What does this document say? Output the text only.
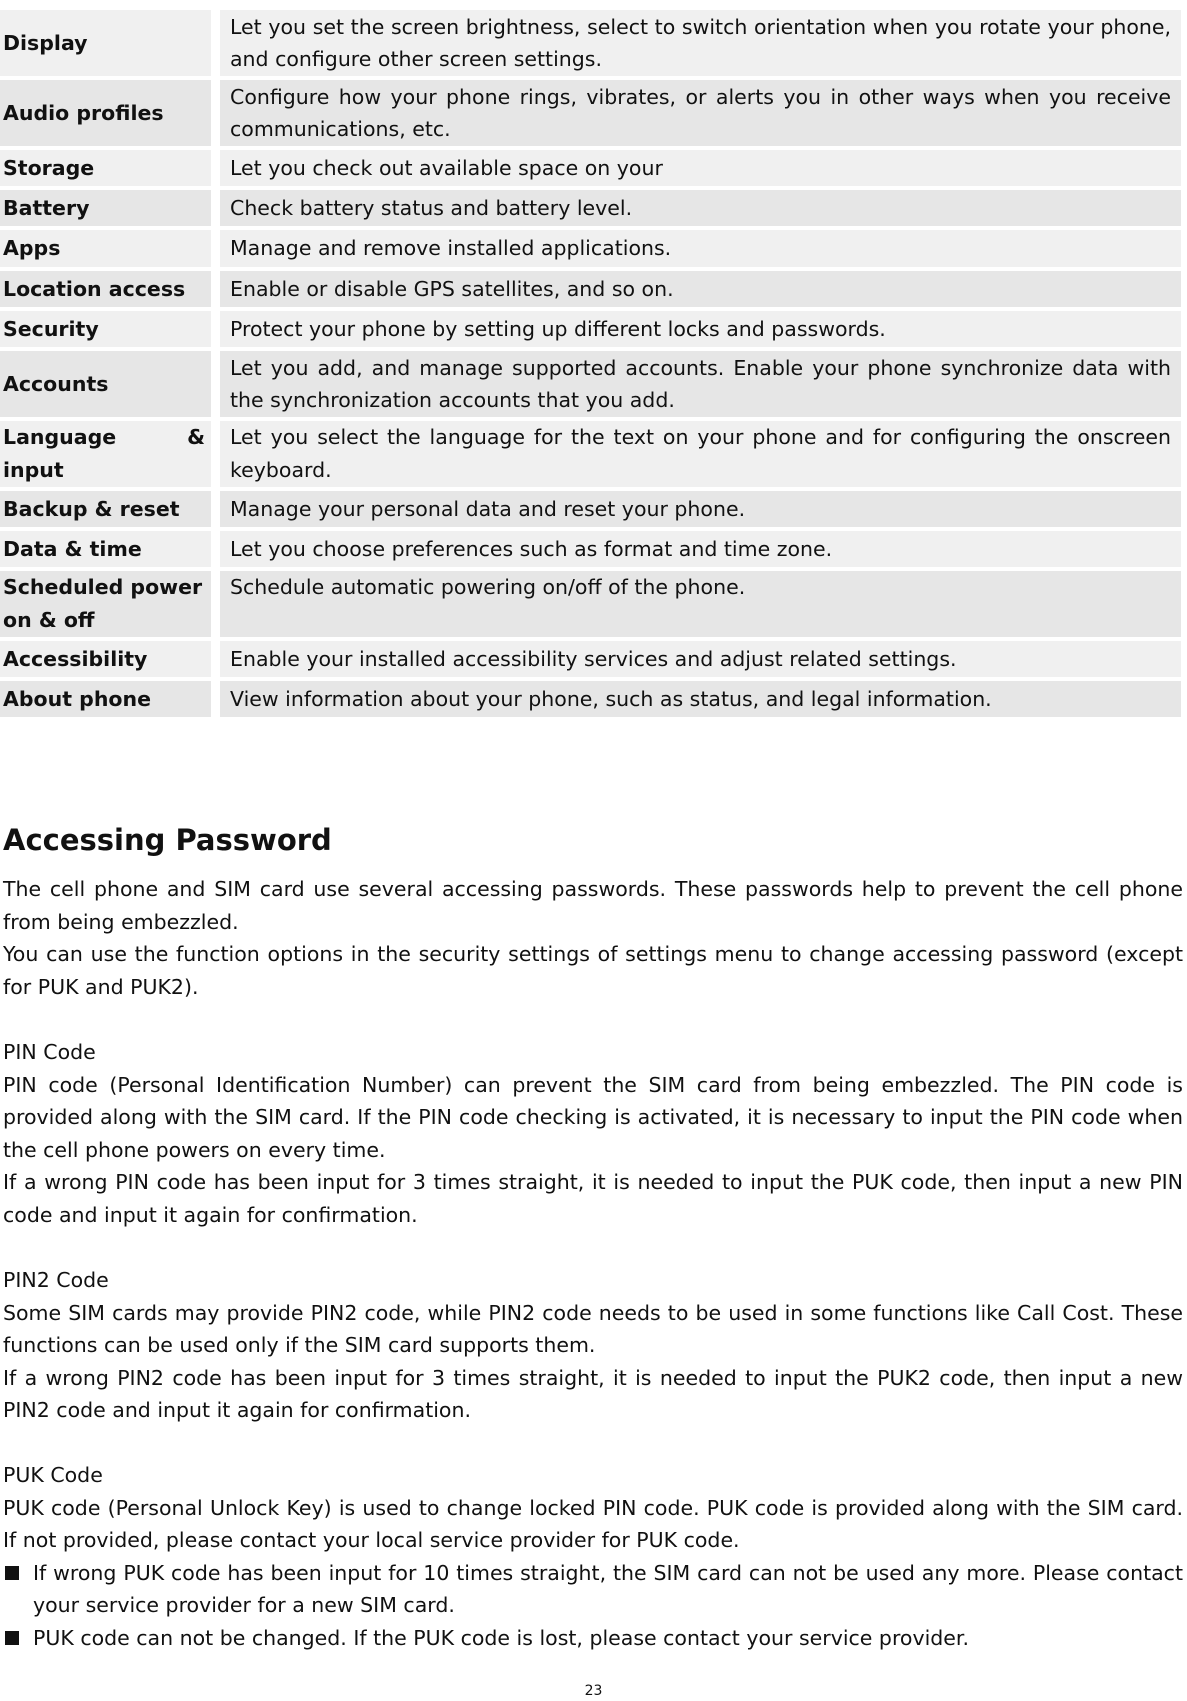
Display		Let you set the screen brightness, select to switch orientation when you rotate your phone, and configure other screen settings.
Audio profiles		Configure how your phone rings, vibrates, or alerts you in other ways when you receive communications, etc.
Storage		Let you check out available space on your
Battery		Check battery status and battery level.
Apps		Manage and remove installed applications.
Location access		Enable or disable GPS satellites, and so on.
Security		Protect your phone by setting up different locks and passwords.
Accounts		Let you add, and manage supported accounts. Enable your phone synchronize data with the synchronization accounts that you add.
Language & input		Let you select the language for the text on your phone and for configuring the onscreen keyboard.
Backup & reset		Manage your personal data and reset your phone.
Data & time		Let you choose preferences such as format and time zone.
Scheduled power on & off		Schedule automatic powering on/off of the phone.
Accessibility		Enable your installed accessibility services and adjust related settings.
About phone		View information about your phone, such as status, and legal information.
Accessing Password

The cell phone and SIM card use several accessing passwords. These passwords help to prevent the cell phone from being embezzled.

You can use the function options in the security settings of settings menu to change accessing password (except for PUK and PUK2).

PIN Code

PIN code (Personal Identification Number) can prevent the SIM card from being embezzled. The PIN code is provided along with the SIM card. If the PIN code checking is activated, it is necessary to input the PIN code when the cell phone powers on every time.

If a wrong PIN code has been input for 3 times straight, it is needed to input the PUK code, then input a new PIN code and input it again for confirmation.

PIN2 Code

Some SIM cards may provide PIN2 code, while PIN2 code needs to be used in some functions like Call Cost. These functions can be used only if the SIM card supports them.

If a wrong PIN2 code has been input for 3 times straight, it is needed to input the PUK2 code, then input a new PIN2 code and input it again for confirmation.

PUK Code

PUK code (Personal Unlock Key) is used to change locked PIN code. PUK code is provided along with the SIM card. If not provided, please contact your local service provider for PUK code.

If wrong PUK code has been input for 10 times straight, the SIM card can not be used any more. Please contact your service provider for a new SIM card.
PUK code can not be changed. If the PUK code is lost, please contact your service provider.
23
